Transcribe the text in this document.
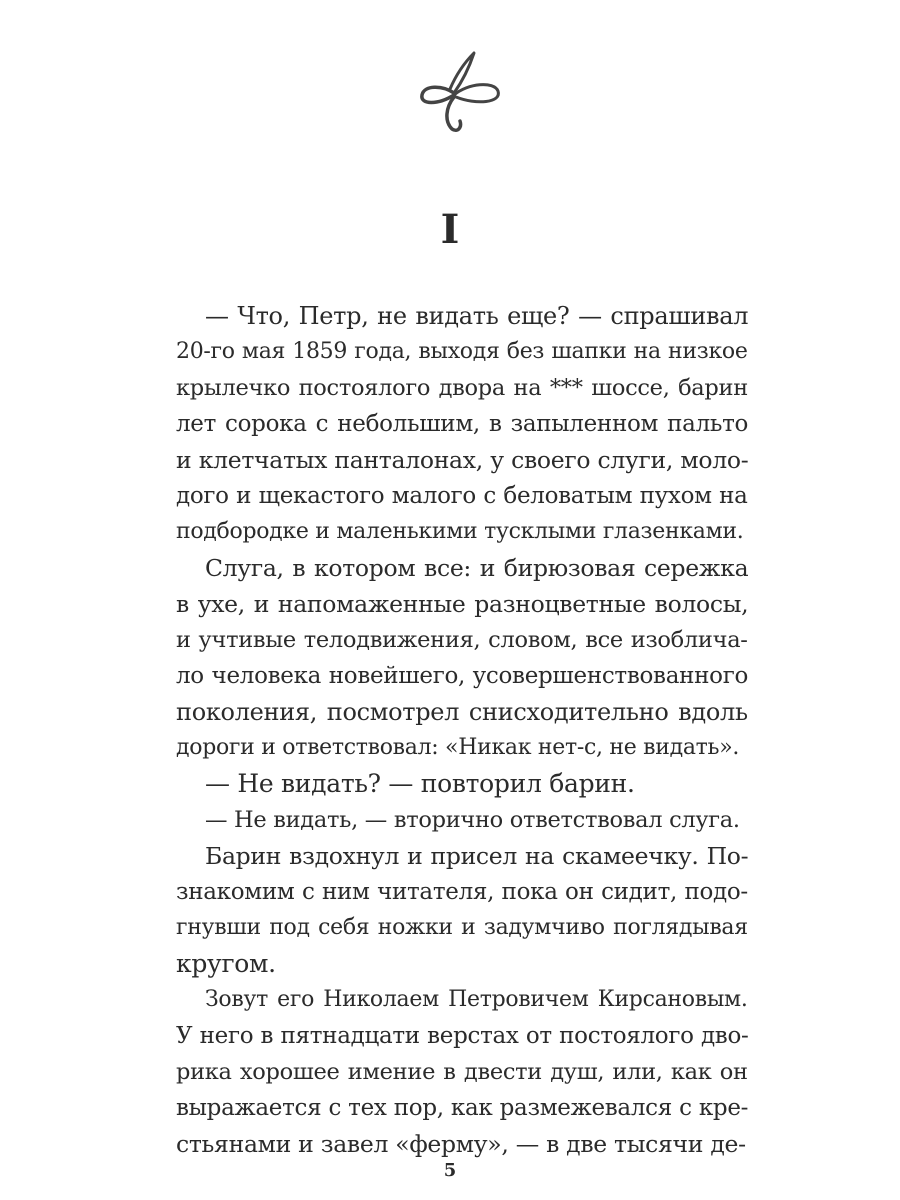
I
— Что, Петр, не видать еще? — спрашивал
20-го мая 1859 года, выходя без шапки на низкое
крылечко постоялого двора на *** шоссе, барин
лет сорока с небольшим, в запыленном пальто
и клетчатых панталонах, у своего слуги, моло-
дого и щекастого малого с беловатым пухом на
подбородке и маленькими тусклыми глазенками.
Слуга, в котором все: и бирюзовая сережка
в ухе, и напомаженные разноцветные волосы,
и учтивые телодвижения, словом, все изоблича-
ло человека новейшего, усовершенствованного
поколения, посмотрел снисходительно вдоль
дороги и ответствовал: «Никак нет-с, не видать».
— Не видать? — повторил барин.
— Не видать, — вторично ответствовал слуга.
Барин вздохнул и присел на скамеечку. По-
знакомим с ним читателя, пока он сидит, подо-
гнувши под себя ножки и задумчиво поглядывая
кругом.
Зовут его Николаем Петровичем Кирсановым.
У него в пятнадцати верстах от постоялого дво-
рика хорошее имение в двести душ, или, как он
выражается с тех пор, как размежевался с кре-
стьянами и завел «ферму», — в две тысячи де-
5
